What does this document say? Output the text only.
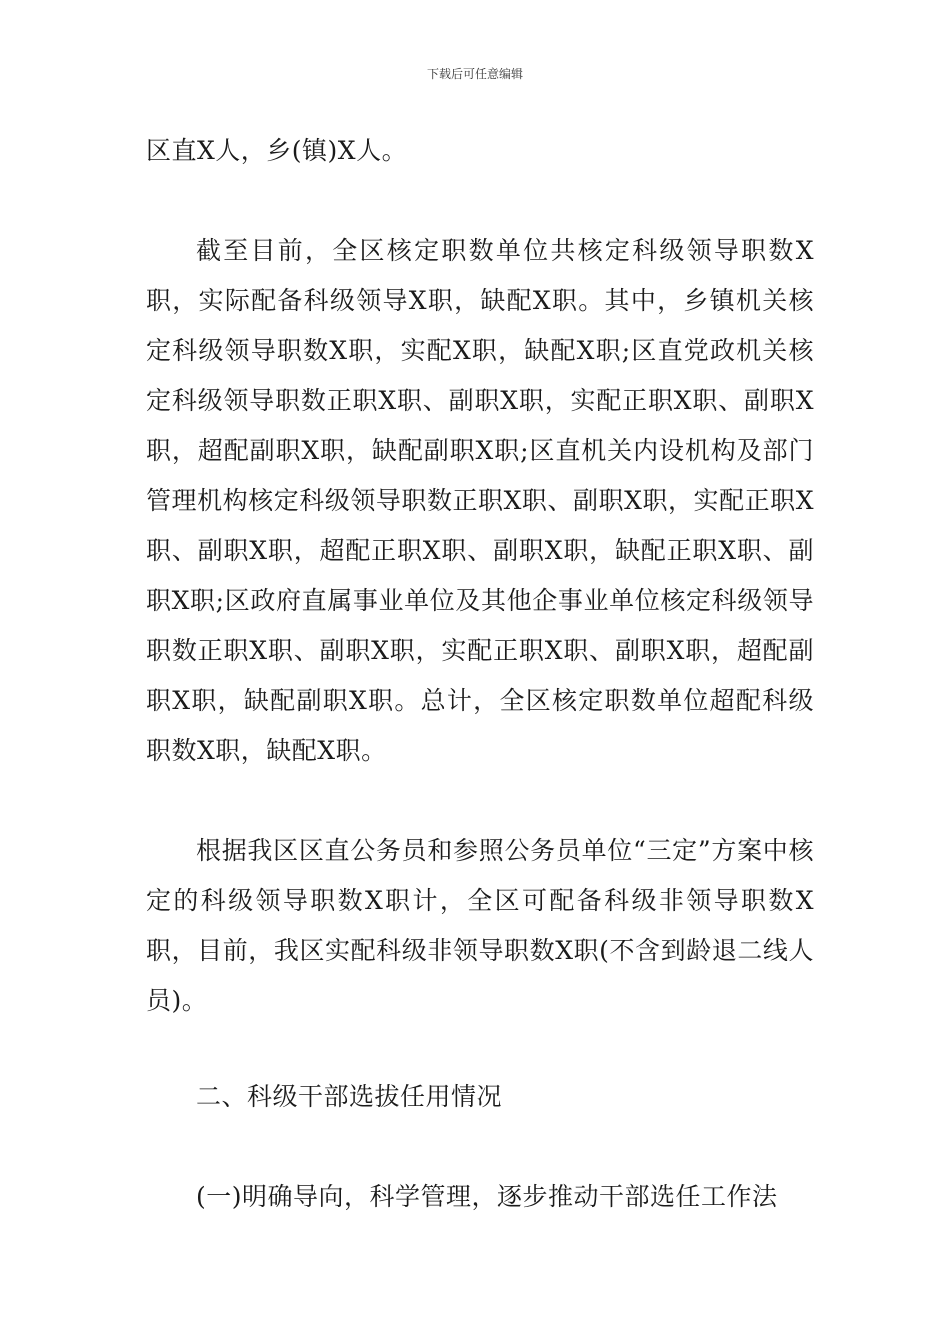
下载后可任意编辑

区直X人，乡(镇)X人。

截至目前，全区核定职数单位共核定科级领导职数X职，实际配备科级领导X职，缺配X职。其中，乡镇机关核定科级领导职数X职，实配X职，缺配X职;区直党政机关核定科级领导职数正职X职、副职X职，实配正职X职、副职X职，超配副职X职，缺配副职X职;区直机关内设机构及部门管理机构核定科级领导职数正职X职、副职X职，实配正职X职、副职X职，超配正职X职、副职X职，缺配正职X职、副职X职;区政府直属事业单位及其他企事业单位核定科级领导职数正职X职、副职X职，实配正职X职、副职X职，超配副职X职，缺配副职X职。总计，全区核定职数单位超配科级职数X职，缺配X职。

根据我区区直公务员和参照公务员单位“三定”方案中核定的科级领导职数X职计，全区可配备科级非领导职数X职，目前，我区实配科级非领导职数X职(不含到龄退二线人员)。

二、科级干部选拔任用情况

(一)明确导向，科学管理，逐步推动干部选任工作法
